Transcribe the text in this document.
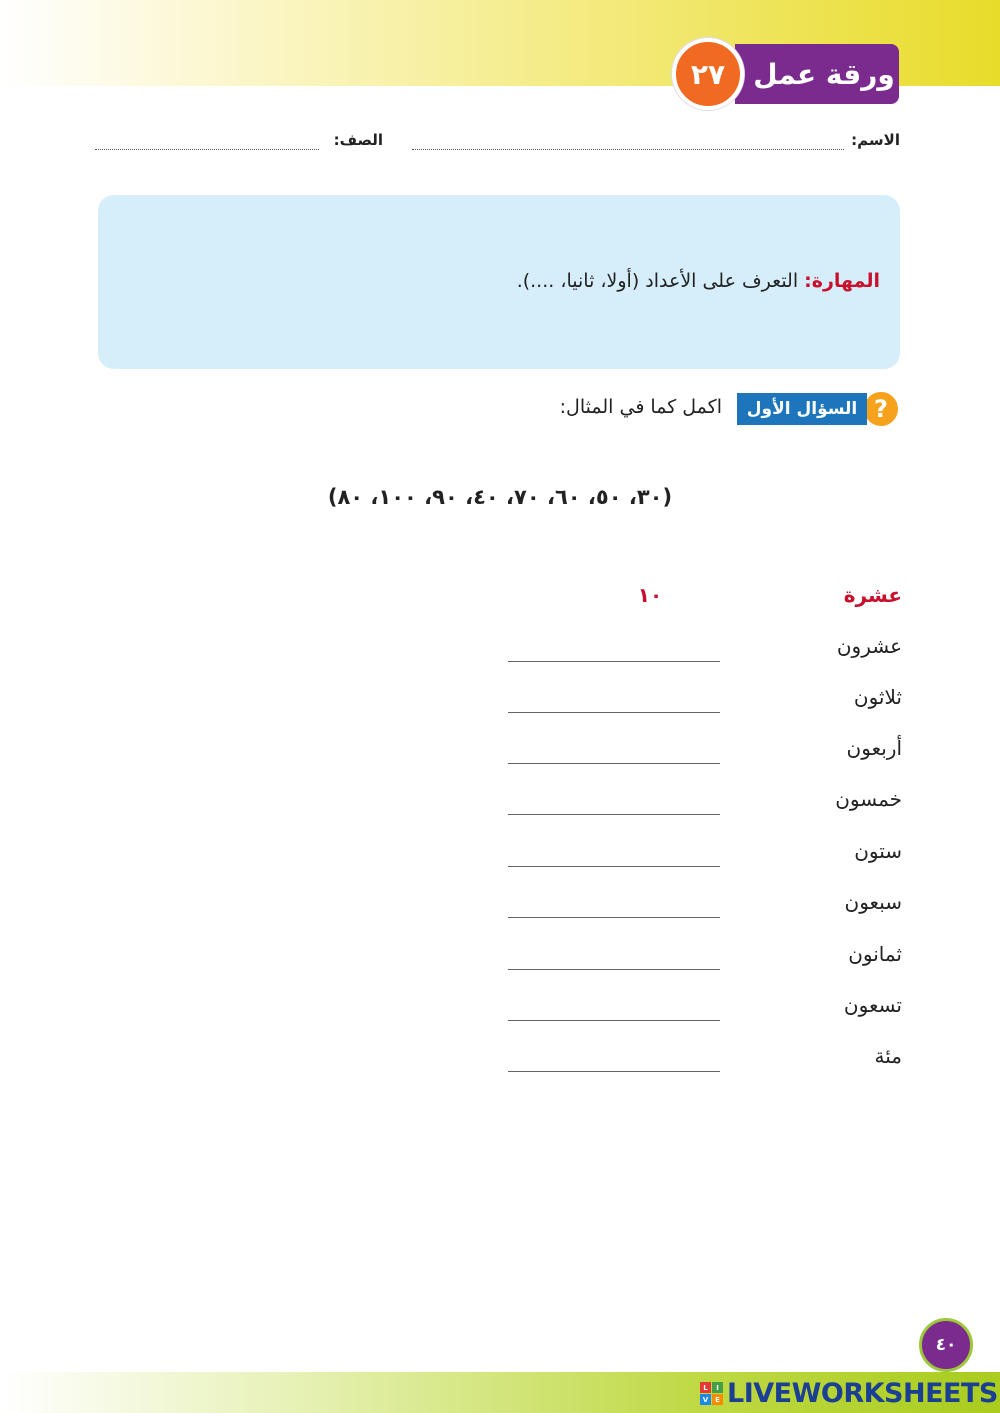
ورقة عمل
٢٧
الاسم:
الصف:
المهارة: التعرف على الأعداد (أولا، ثانيا، ....).
?
السؤال الأول
اكمل كما في المثال:
(٣٠، ٥٠، ٦٠، ٧٠، ٤٠، ٩٠، ١٠٠، ٨٠)
عشرة
١٠
عشرون
ثلاثون
أربعون
خمسون
ستون
سبعون
ثمانون
تسعون
مئة
٤٠
L	I
V E LIVEWORKSHEETS
